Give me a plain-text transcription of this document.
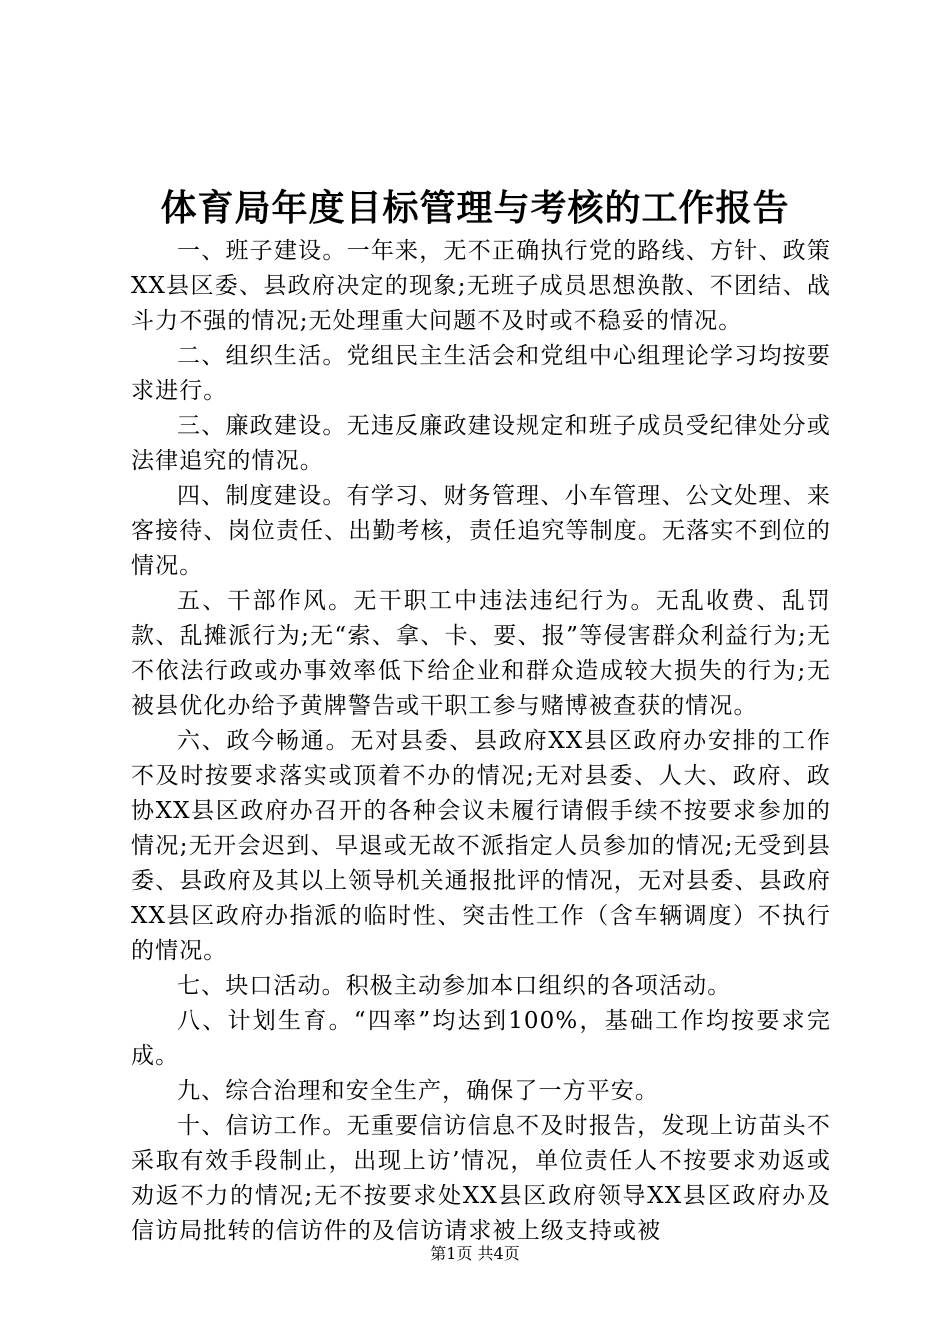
体育局年度目标管理与考核的工作报告

一、班子建设。一年来，无不正确执行党的路线、方针、政策XX县区委、县政府决定的现象;无班子成员思想涣散、不团结、战斗力不强的情况;无处理重大问题不及时或不稳妥的情况。

二、组织生活。党组民主生活会和党组中心组理论学习均按要求进行。

三、廉政建设。无违反廉政建设规定和班子成员受纪律处分或法律追究的情况。

四、制度建设。有学习、财务管理、小车管理、公文处理、来客接待、岗位责任、出勤考核，责任追究等制度。无落实不到位的情况。

五、干部作风。无干职工中违法违纪行为。无乱收费、乱罚款、乱摊派行为;无“索、拿、卡、要、报”等侵害群众利益行为;无不依法行政或办事效率低下给企业和群众造成较大损失的行为;无被县优化办给予黄牌警告或干职工参与赌博被查获的情况。

六、政今畅通。无对县委、县政府XX县区政府办安排的工作不及时按要求落实或顶着不办的情况;无对县委、人大、政府、政协XX县区政府办召开的各种会议未履行请假手续不按要求参加的情况;无开会迟到、早退或无故不派指定人员参加的情况;无受到县委、县政府及其以上领导机关通报批评的情况，无对县委、县政府XX县区政府办指派的临时性、突击性工作（含车辆调度）不执行的情况。

七、块口活动。积极主动参加本口组织的各项活动。

八、计划生育。“四率”均达到100%，基础工作均按要求完成。

九、综合治理和安全生产，确保了一方平安。

十、信访工作。无重要信访信息不及时报告，发现上访苗头不采取有效手段制止，出现上访’情况，单位责任人不按要求劝返或劝返不力的情况;无不按要求处XX县区政府领导XX县区政府办及信访局批转的信访件的及信访请求被上级支持或被

第1页 共4页
